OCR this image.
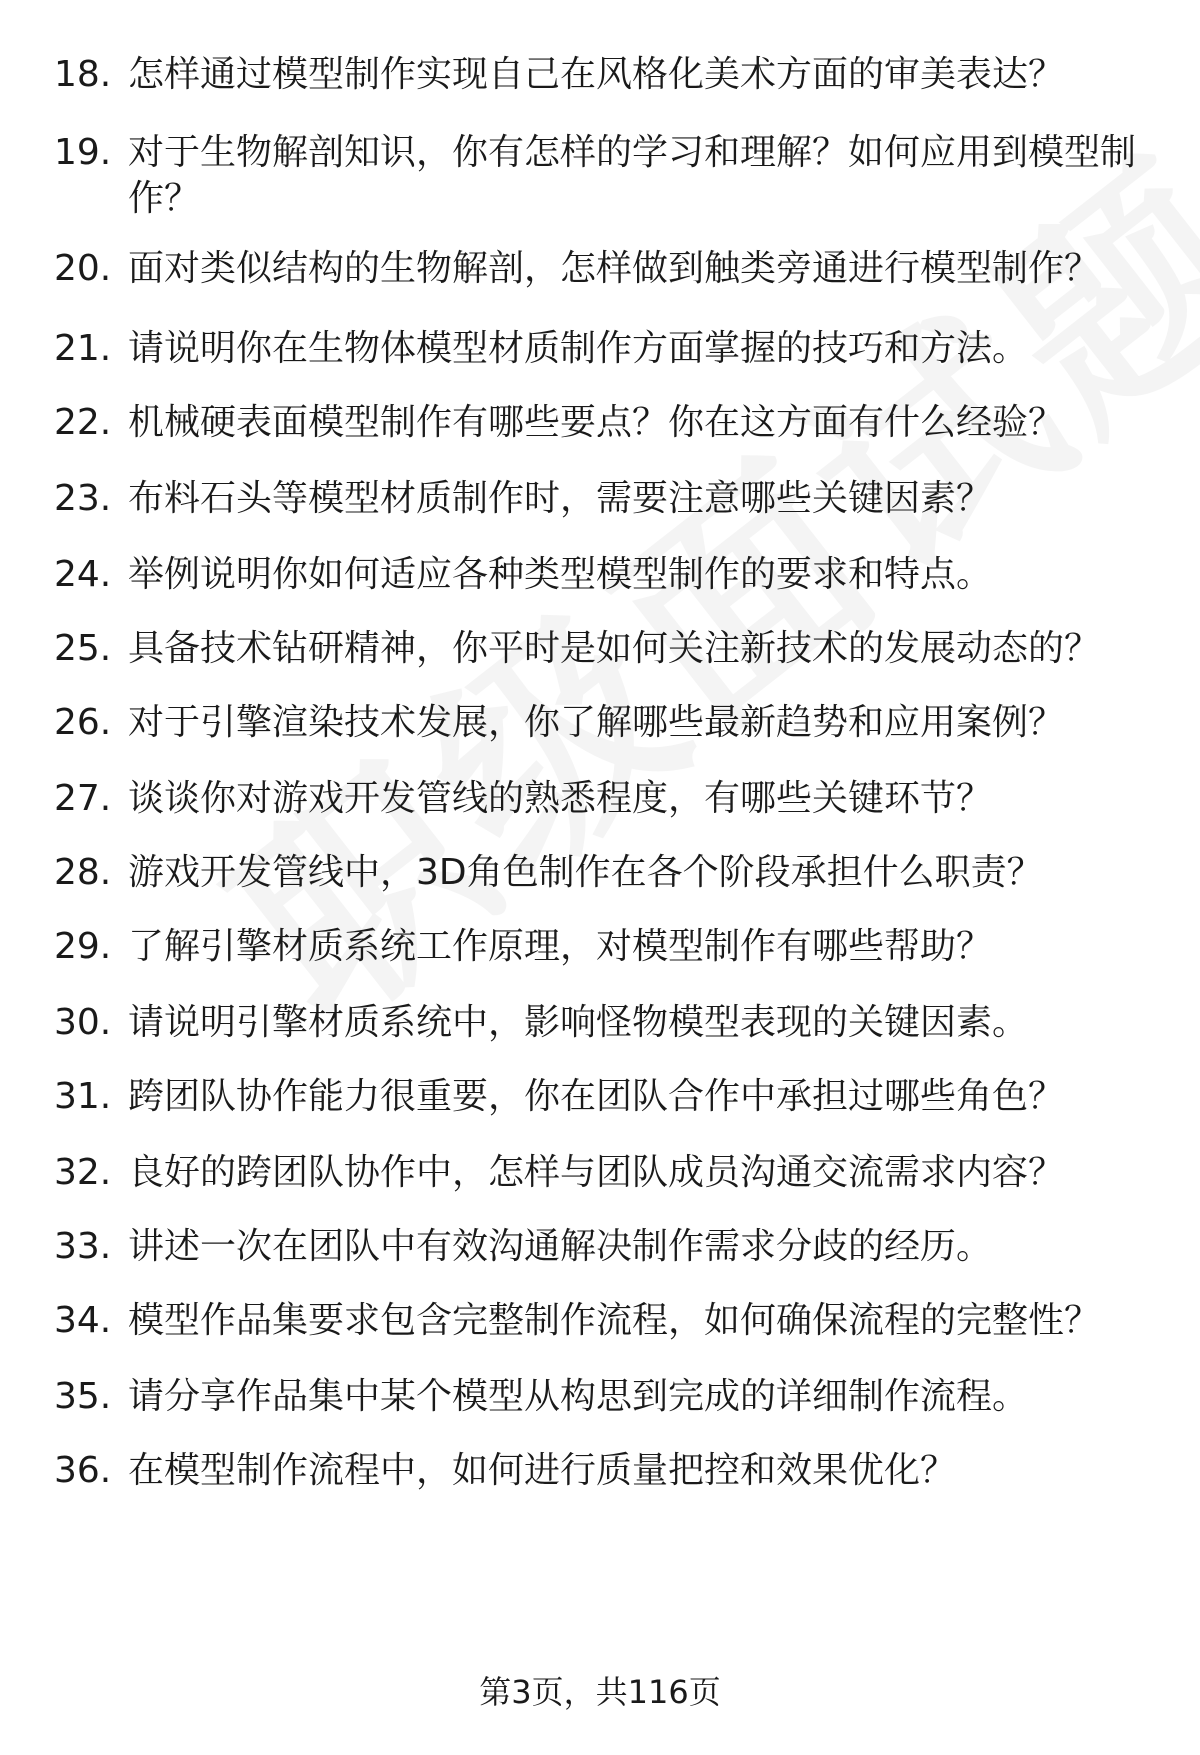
18. 怎样通过模型制作实现自己在风格化美术方面的审美表达？
19. 对于生物解剖知识，你有怎样的学习和理解？如何应用到模型制作？
20. 面对类似结构的生物解剖，怎样做到触类旁通进行模型制作？
21. 请说明你在生物体模型材质制作方面掌握的技巧和方法。
22. 机械硬表面模型制作有哪些要点？你在这方面有什么经验？
23. 布料石头等模型材质制作时，需要注意哪些关键因素？
24. 举例说明你如何适应各种类型模型制作的要求和特点。
25. 具备技术钻研精神，你平时是如何关注新技术的发展动态的？
26. 对于引擎渲染技术发展，你了解哪些最新趋势和应用案例？
27. 谈谈你对游戏开发管线的熟悉程度，有哪些关键环节？
28. 游戏开发管线中，3D角色制作在各个阶段承担什么职责？
29. 了解引擎材质系统工作原理，对模型制作有哪些帮助？
30. 请说明引擎材质系统中，影响怪物模型表现的关键因素。
31. 跨团队协作能力很重要，你在团队合作中承担过哪些角色？
32. 良好的跨团队协作中，怎样与团队成员沟通交流需求内容？
33. 讲述一次在团队中有效沟通解决制作需求分歧的经历。
34. 模型作品集要求包含完整制作流程，如何确保流程的完整性？
35. 请分享作品集中某个模型从构思到完成的详细制作流程。
36. 在模型制作流程中，如何进行质量把控和效果优化？
第3页，共116页
